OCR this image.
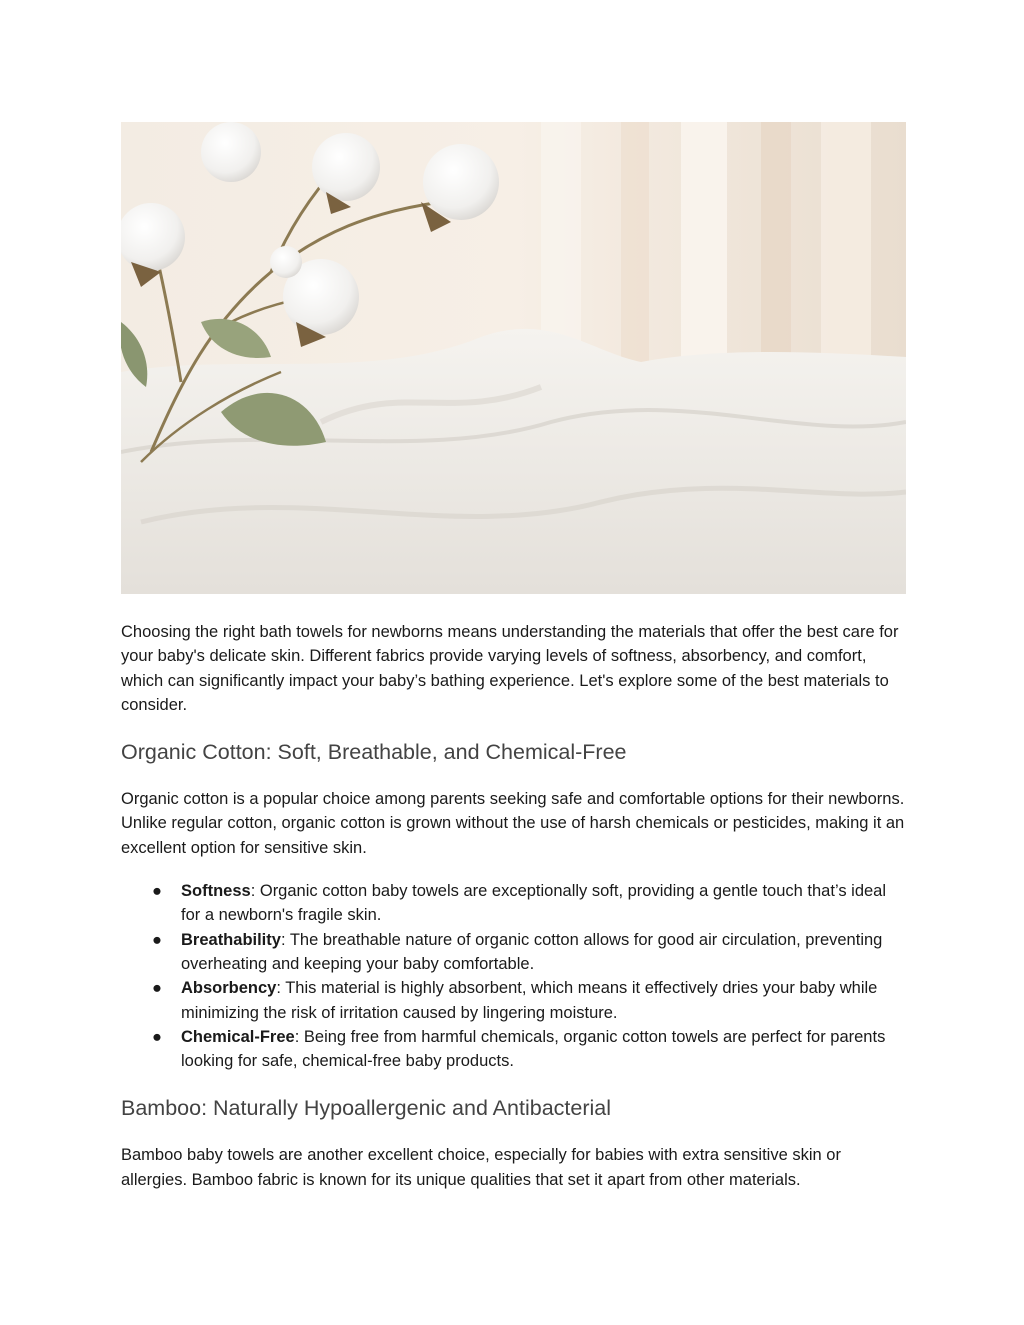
Choosing the right bath towels for newborns means understanding the materials that offer the best care for your baby's delicate skin. Different fabrics provide varying levels of softness, absorbency, and comfort, which can significantly impact your baby’s bathing experience. Let's explore some of the best materials to consider.

Organic Cotton: Soft, Breathable, and Chemical-Free

Organic cotton is a popular choice among parents seeking safe and comfortable options for their newborns. Unlike regular cotton, organic cotton is grown without the use of harsh chemicals or pesticides, making it an excellent option for sensitive skin.

● Softness: Organic cotton baby towels are exceptionally soft, providing a gentle touch that’s ideal for a newborn's fragile skin.
● Breathability: The breathable nature of organic cotton allows for good air circulation, preventing overheating and keeping your baby comfortable.
● Absorbency: This material is highly absorbent, which means it effectively dries your baby while minimizing the risk of irritation caused by lingering moisture.
● Chemical-Free: Being free from harmful chemicals, organic cotton towels are perfect for parents looking for safe, chemical-free baby products.
Bamboo: Naturally Hypoallergenic and Antibacterial

Bamboo baby towels are another excellent choice, especially for babies with extra sensitive skin or allergies. Bamboo fabric is known for its unique qualities that set it apart from other materials.
